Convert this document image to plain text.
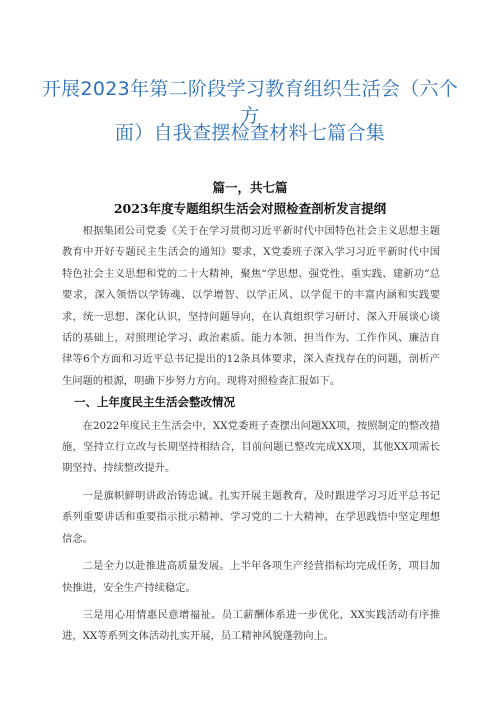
开展2023年第二阶段学习教育组织生活会（六个方
面）自我查摆检查材料七篇合集
篇一，共七篇
2023年度专题组织生活会对照检查剖析发言提纲

根据集团公司党委《关于在学习贯彻习近平新时代中国特色社会主义思想主题教育中开好专题民主生活会的通知》要求，X党委班子深入学习习近平新时代中国特色社会主义思想和党的二十大精神，聚焦“学思想、强党性、重实践、建新功”总要求，深入领悟以学铸魂、以学增智、以学正风、以学促干的丰富内涵和实践要求，统一思想、深化认识，坚持问题导向，在认真组织学习研讨、深入开展谈心谈话的基础上，对照理论学习、政治素质、能力本领、担当作为、工作作风、廉洁自律等6个方面和习近平总书记提出的12条具体要求，深入查找存在的问题，剖析产生问题的根源，明确下步努力方向。现将对照检查汇报如下。

一、上年度民主生活会整改情况

在2022年度民主生活会中，XX党委班子查摆出问题XX项，按照制定的整改措施，坚持立行立改与长期坚持相结合，目前问题已整改完成XX项，其他XX项需长期坚持、持续整改提升。

一是旗帜鲜明讲政治铸忠诚。扎实开展主题教育，及时跟进学习习近平总书记系列重要讲话和重要指示批示精神、学习党的二十大精神，在学思践悟中坚定理想信念。

二是全力以赴推进高质量发展。上半年各项生产经营指标均完成任务，项目加快推进，安全生产持续稳定。

三是用心用情惠民意增福祉。员工薪酬体系进一步优化，XX实践活动有序推进，XX等系列文体活动扎实开展，员工精神风貌蓬勃向上。
